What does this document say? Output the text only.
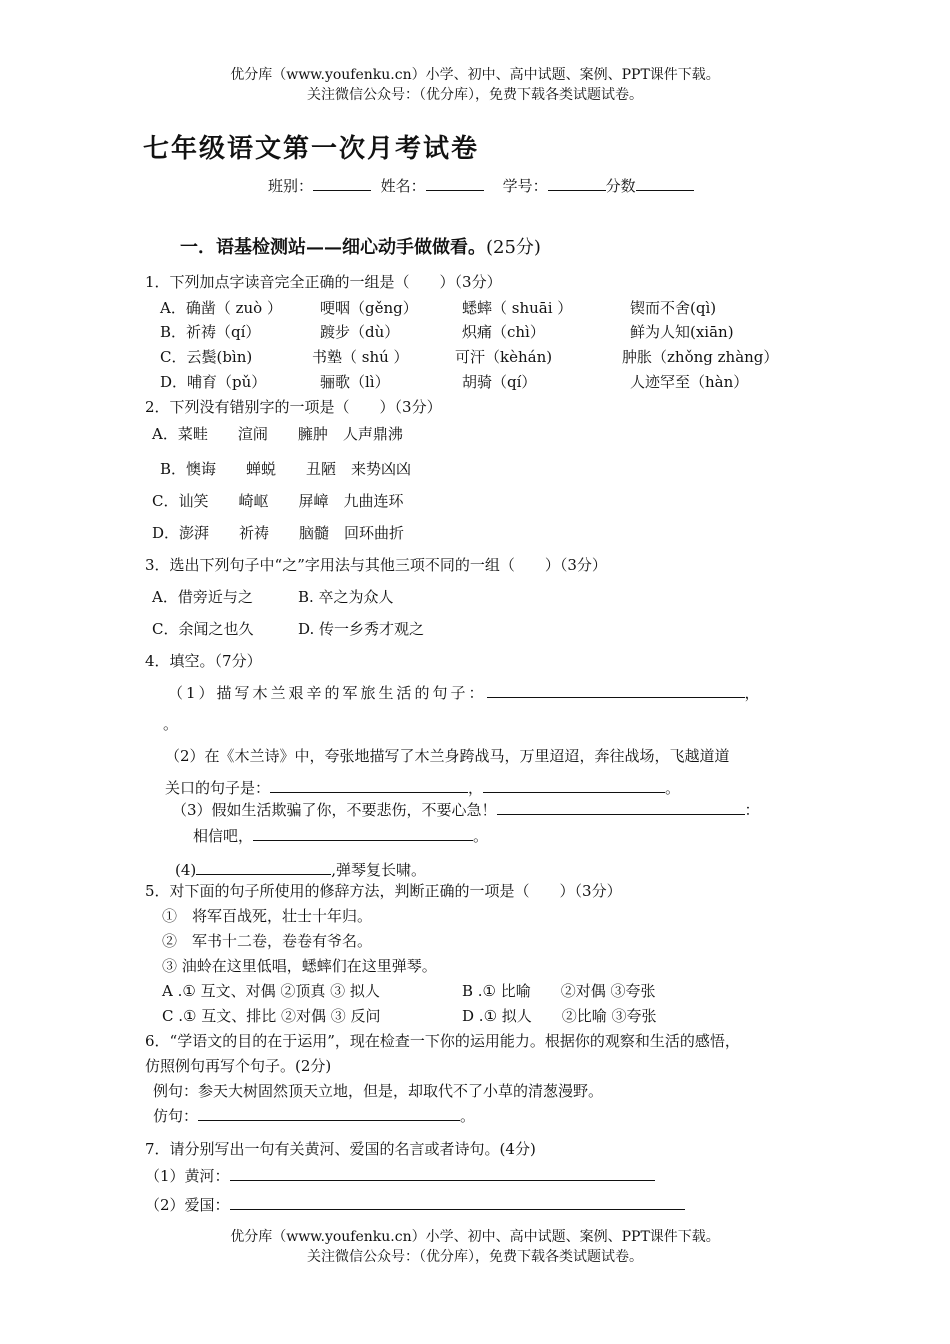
优分库（www.youfenku.cn）小学、初中、高中试题、案例、PPT课件下载。
关注微信公众号：（优分库），免费下载各类试题试卷。
七年级语文第一次月考试卷
班别：	姓名：	学号：	分数
一．语基检测站——细心动手做做看。(25分)
1．下列加点字读音完全正确的一组是（　　）（3分）
A．确凿（ zuò ）	哽咽（gěng）	蟋蟀（ shuāi ）	锲而不舍(qì)
B．祈祷（qí）	踱步（dù）	炽痛（chì）	鲜为人知(xiān)
C．云鬓(bìn)	书塾（ shú ）	可汗（kèhán)	肿胀（zhǒng zhàng）
D．哺育（pǔ）	骊歌（lì）	胡骑（qí）	人迹罕至（hàn）
2．下列没有错别字的一项是（　　）（3分）
A．菜畦　　渲闹　　臃肿　人声鼎沸
B．懊诲　　蝉蜕　　丑陋　来势凶凶
C．讪笑　　崎岖　　屏嶂　九曲连环
D．澎湃　　祈祷　　脑髓　回环曲折
3．选出下列句子中“之”字用法与其他三项不同的一组（　　）（3分）
A．借旁近与之	B. 卒之为众人
C．余闻之也久	D. 传一乡秀才观之
4．填空。（7分）
（1）描写木兰艰辛的军旅生活的句子：	，
。
（2）在《木兰诗》中，夸张地描写了木兰身跨战马，万里迢迢，奔往战场，飞越道道
关口的句子是：	，	。
（3）假如生活欺骗了你，不要悲伤，不要心急！	：
相信吧，	。
(4)	,弹琴复长啸。
5．对下面的句子所使用的修辞方法，判断正确的一项是（　　）（3分）
①　将军百战死，壮士十年归。
②　军书十二卷，卷卷有爷名。
③ 油蛉在这里低唱，蟋蟀们在这里弹琴。
A .① 互文、对偶 ②顶真 ③ 拟人	B .① 比喻　　②对偶 ③夸张
C .① 互文、排比 ②对偶 ③ 反问	D .① 拟人　　②比喻 ③夸张
6．“学语文的目的在于运用”，现在检查一下你的运用能力。根据你的观察和生活的感悟，
仿照例句再写个句子。(2分)
例句：参天大树固然顶天立地，但是，却取代不了小草的清葱漫野。
仿句：	。
7．请分别写出一句有关黄河、爱国的名言或者诗句。(4分)
（1）黄河：
（2）爱国：
优分库（www.youfenku.cn）小学、初中、高中试题、案例、PPT课件下载。
关注微信公众号：（优分库），免费下载各类试题试卷。
